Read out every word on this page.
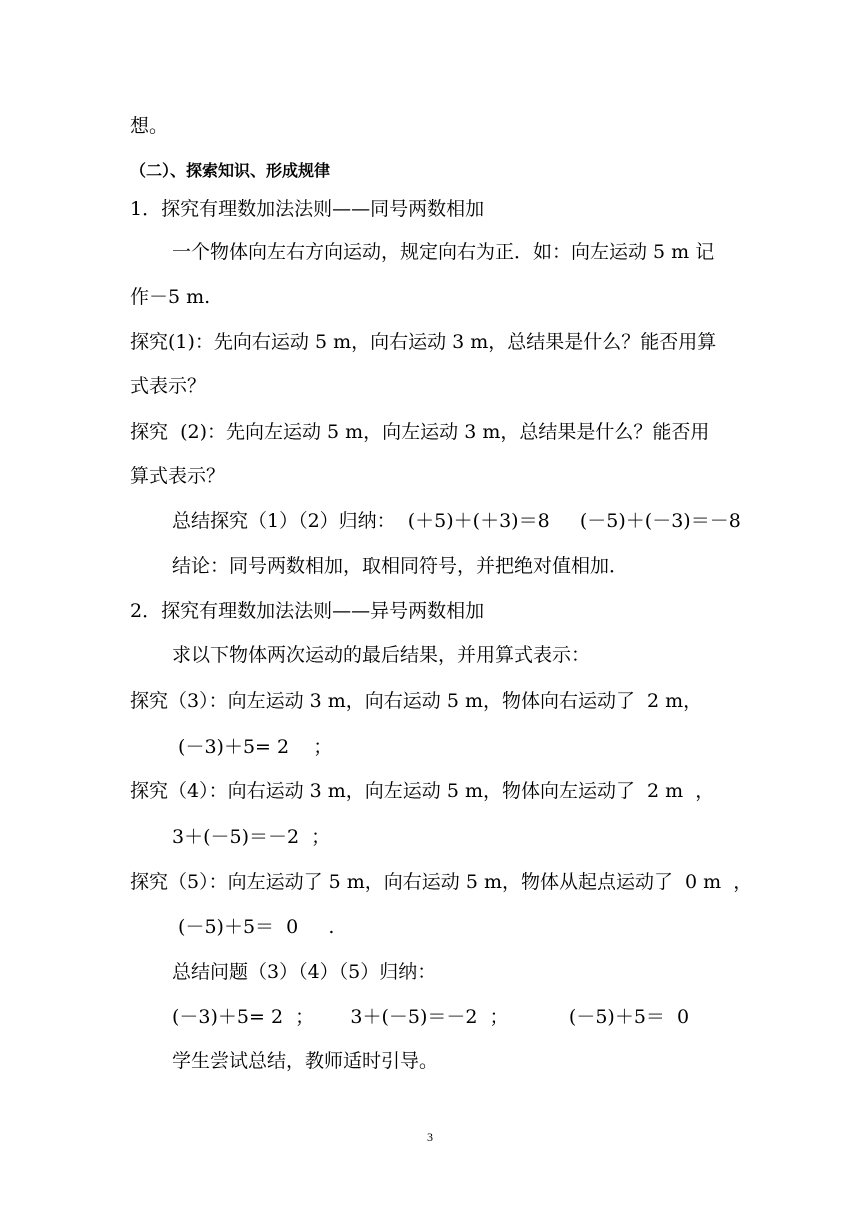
想。
（二）、探索知识、形成规律
1．探究有理数加法法则——同号两数相加
一个物体向左右方向运动，规定向右为正．如：向左运动 5 m 记
作－5 m.
探究(1)：先向右运动 5 m，向右运动 3 m，总结果是什么？能否用算
式表示？
探究  (2)：先向左运动 5 m，向左运动 3 m，总结果是什么？能否用
算式表示？
总结探究（1）（2）归纳：  (＋5)＋(＋3)＝8     (－5)＋(－3)＝－8
结论：同号两数相加，取相同符号，并把绝对值相加．
2．探究有理数加法法则——异号两数相加
求以下物体两次运动的最后结果，并用算式表示：
探究（3）：向左运动 3 m，向右运动 5 m，物体向右运动了  2 m，
(－3)＋5= 2    ；
探究（4）：向右运动 3 m，向左运动 5 m，物体向左运动了  2 m  ，
3＋(－5)＝－2  ；
探究（5）：向左运动了 5 m，向右运动 5 m，物体从起点运动了  0 m  ，
(－5)＋5＝  0     .
总结问题（3）（4）（5）归纳：
(－3)＋5= 2  ；      3＋(－5)＝－2  ；          (－5)＋5＝  0
学生尝试总结，教师适时引导。
3
